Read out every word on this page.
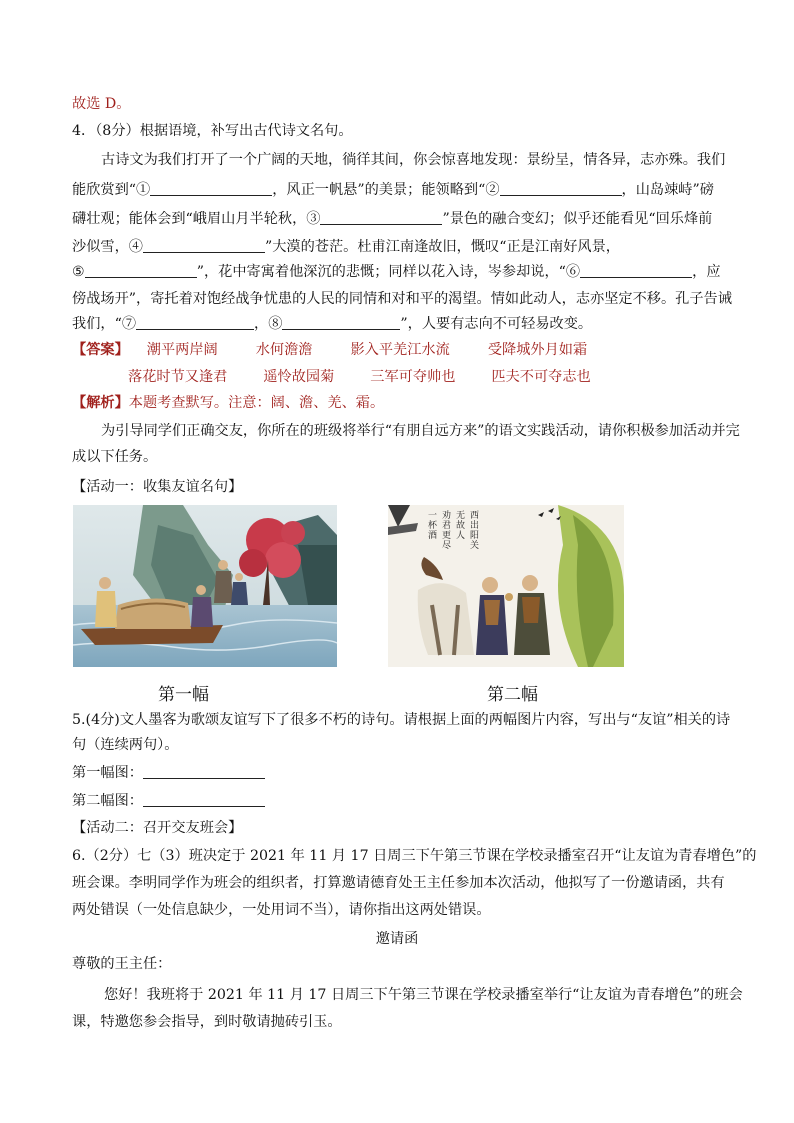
故选 D。
4．（8分）根据语境，补写出古代诗文名句。
古诗文为我们打开了一个广阔的天地，徜徉其间，你会惊喜地发现：景纷呈，情各异，志亦殊。我们
能欣赏到“①	，风正一帆悬”的美景；能领略到“②	，山岛竦峙”磅
礴壮观；能体会到“峨眉山月半轮秋，③	”景色的融合变幻；似乎还能看见“回乐烽前
沙似雪，④	”大漠的苍茫。杜甫江南逢故旧，慨叹“正是江南好风景，
⑤	”，花中寄寓着他深沉的悲慨；同样以花入诗，岑参却说，“⑥	，应
傍战场开”，寄托着对饱经战争忧患的人民的同情和对和平的渴望。情如此动人，志亦坚定不移。孔子告诫
我们，“⑦	，⑧	”，人要有志向不可轻易改变。
【答案】 潮平两岸阔	水何澹澹	影入平羌江水流	受降城外月如霜
落花时节又逢君	遥怜故园菊	三军可夺帅也	匹夫不可夺志也
【解析】本题考查默写。注意：阔、澹、羌、霜。
为引导同学们正确交友，你所在的班级将举行“有朋自远方来”的语文实践活动，请你积极参加活动并完
成以下任务。
【活动一：收集友谊名句】
西出阳关
无故人
劝君更尽
一杯酒
第一幅	第二幅
5.(4分)文人墨客为歌颂友谊写下了很多不朽的诗句。请根据上面的两幅图片内容，写出与“友谊”相关的诗
句（连续两句）。
第一幅图：
第二幅图：
【活动二：召开交友班会】
6.（2分）七（3）班决定于 2021 年 11 月 17 日周三下午第三节课在学校录播室召开“让友谊为青春增色”的
班会课。李明同学作为班会的组织者，打算邀请德育处王主任参加本次活动，他拟写了一份邀请函，共有
两处错误（一处信息缺少，一处用词不当），请你指出这两处错误。
邀请函
尊敬的王主任：
您好！我班将于 2021 年 11 月 17 日周三下午第三节课在学校录播室举行“让友谊为青春增色”的班会
课，特邀您参会指导，到时敬请抛砖引玉。
